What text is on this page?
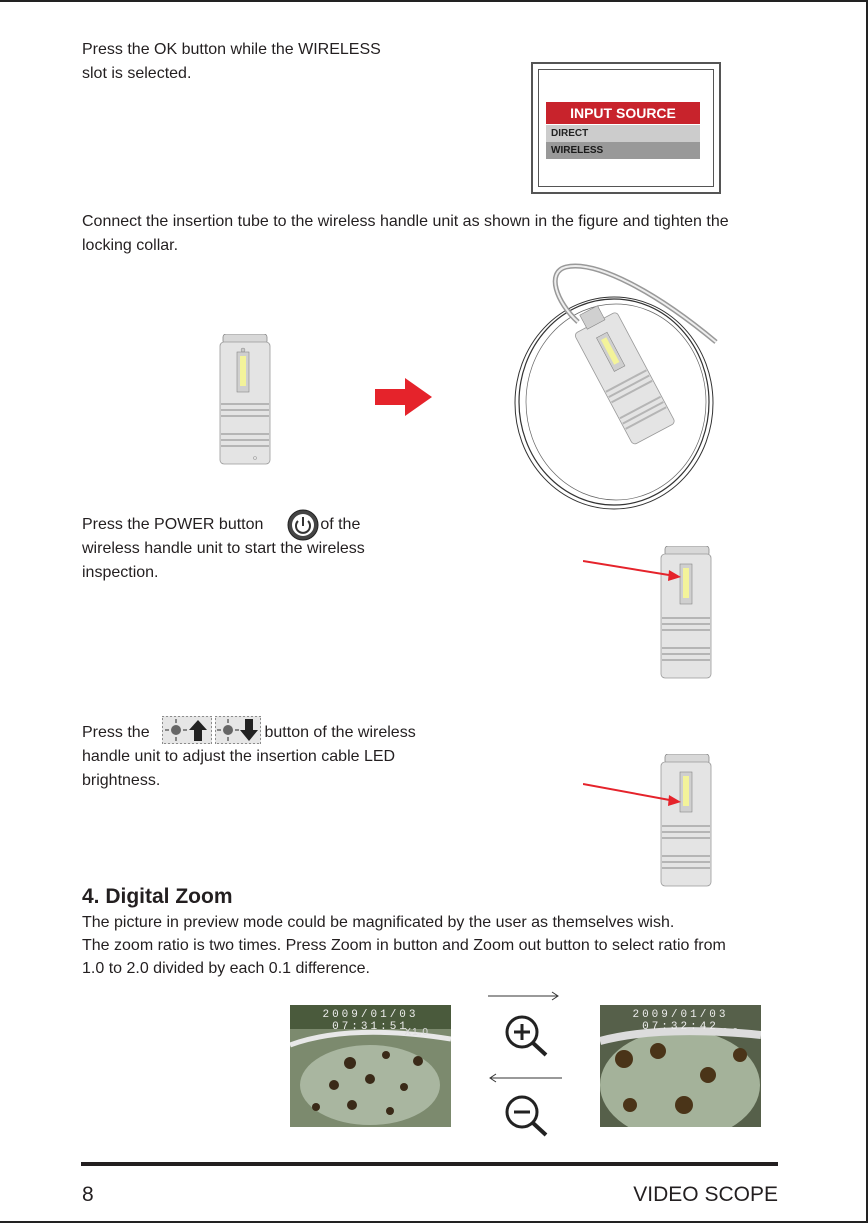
Press the OK button while the WIRELESS
slot is selected.
INPUT SOURCE
DIRECT
WIRELESS
Connect the insertion tube to the wireless handle unit as shown in the figure and tighten the
locking collar.
Press the POWER button	of the
wireless handle unit to start the wireless
inspection.
Press the	button of the wireless
handle unit to adjust the insertion cable LED
brightness.
4. Digital Zoom
The picture in preview mode could be magnificated by the user as themselves wish.
The zoom ratio is two times. Press Zoom in button and Zoom out button to select ratio from
1.0 to 2.0 divided by each 0.1 difference.
2009/01/03 07:31:51
X1.0
2009/01/03 07:32:42
X2.0
8	VIDEO SCOPE
